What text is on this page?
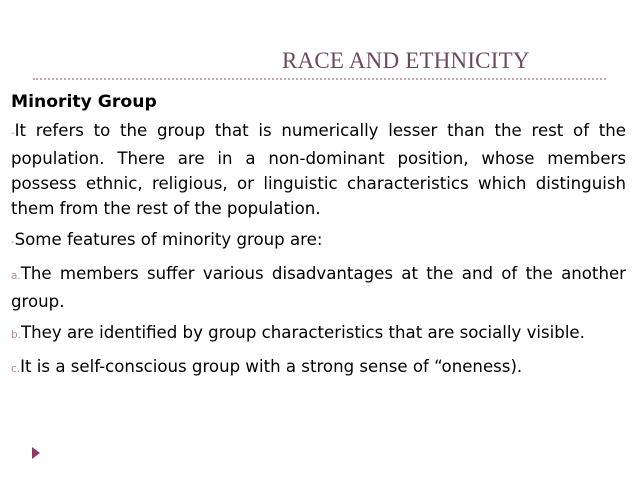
RACE AND ETHNICITY
Minority Group

-It refers to the group that is numerically lesser than the rest of the population. There are in a non-dominant position, whose members possess ethnic, religious, or linguistic characteristics which distinguish them from the rest of the population.

-Some features of minority group are:

a.The members suffer various disadvantages at the and of the another group.

b.They are identified by group characteristics that are socially visible.

c.It is a self-conscious group with a strong sense of “oneness).
